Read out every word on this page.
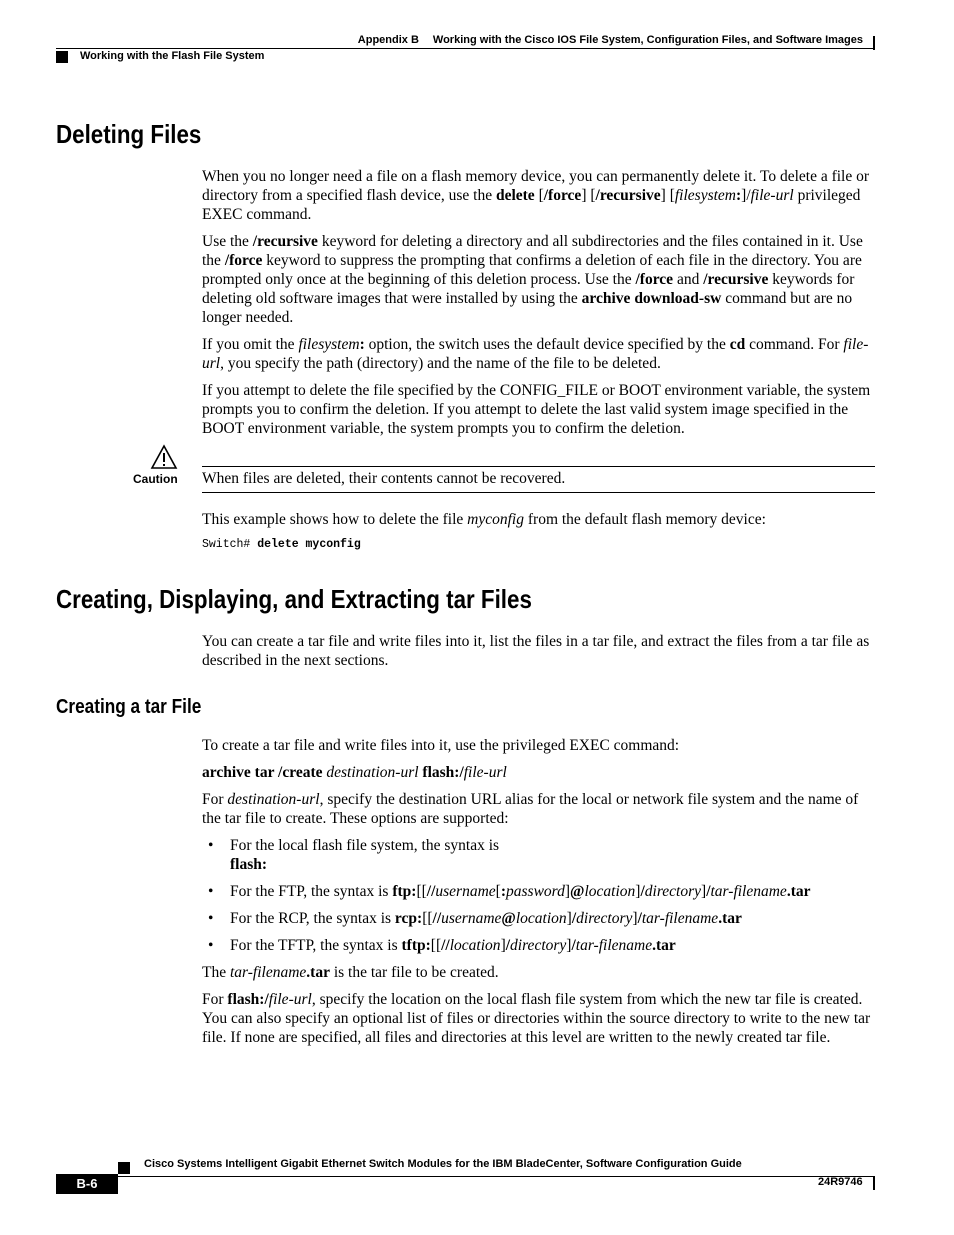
Appendix B Working with the Cisco IOS File System, Configuration Files, and Software Images
Working with the Flash File System
Deleting Files

When you no longer need a file on a flash memory device, you can permanently delete it. To delete a file or directory from a specified flash device, use the delete [/force] [/recursive] [filesystem:]/file-url privileged EXEC command.

Use the /recursive keyword for deleting a directory and all subdirectories and the files contained in it. Use the /force keyword to suppress the prompting that confirms a deletion of each file in the directory. You are prompted only once at the beginning of this deletion process. Use the /force and /recursive keywords for deleting old software images that were installed by using the archive download-sw command but are no longer needed.

If you omit the filesystem: option, the switch uses the default device specified by the cd command. For file-url, you specify the path (directory) and the name of the file to be deleted.

If you attempt to delete the file specified by the CONFIG_FILE or BOOT environment variable, the system prompts you to confirm the deletion. If you attempt to delete the last valid system image specified in the BOOT environment variable, the system prompts you to confirm the deletion.

Caution When files are deleted, their contents cannot be recovered.

This example shows how to delete the file myconfig from the default flash memory device:

Switch# delete myconfig
Creating, Displaying, and Extracting tar Files

You can create a tar file and write files into it, list the files in a tar file, and extract the files from a tar file as described in the next sections.

Creating a tar File

To create a tar file and write files into it, use the privileged EXEC command:

archive tar /create destination-url flash:/file-url

For destination-url, specify the destination URL alias for the local or network file system and the name of the tar file to create. These options are supported:

• For the local flash file system, the syntax is
flash:
• For the FTP, the syntax is ftp:[[//username[:password]@location]/directory]/tar-filename.tar
• For the RCP, the syntax is rcp:[[//username@location]/directory]/tar-filename.tar
• For the TFTP, the syntax is tftp:[[//location]/directory]/tar-filename.tar

The tar-filename.tar is the tar file to be created.

For flash:/file-url, specify the location on the local flash file system from which the new tar file is created. You can also specify an optional list of files or directories within the source directory to write to the new tar file. If none are specified, all files and directories at this level are written to the newly created tar file.

Cisco Systems Intelligent Gigabit Ethernet Switch Modules for the IBM BladeCenter, Software Configuration Guide
B-6	24R9746
